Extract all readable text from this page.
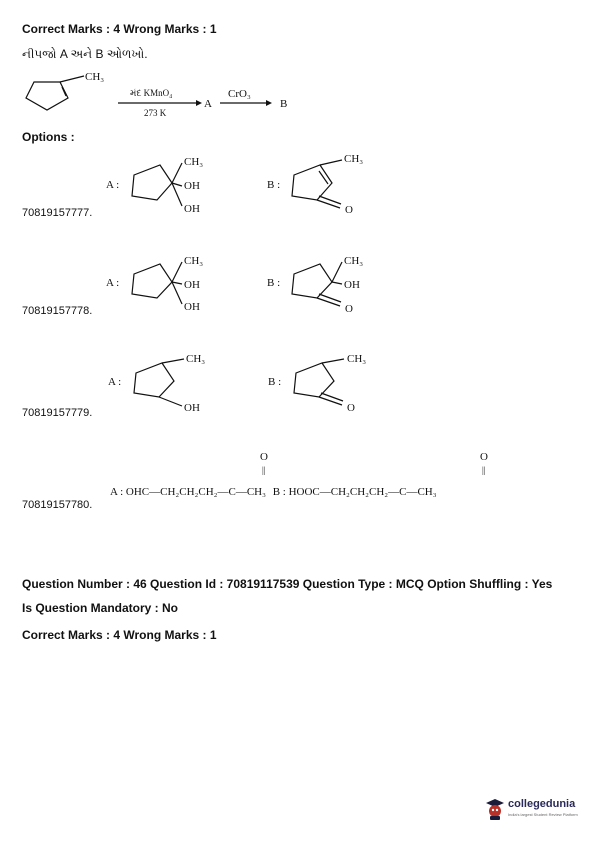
Correct Marks : 4 Wrong Marks : 1
નીપજો A અને B ઓળખો.
CH₃
મંદ KMnO₄
273 K
A
CrO₃
B
Options :
70819157777.
A :
CH₃
OH
OH
B :
CH₃
O
70819157778.
A :
CH₃
OH
OH
B :
CH₃
OH
O
70819157779.
A :
CH₃
OH
B :
CH₃
O
70819157780.
O
||
O
||
A : OHC—CH₂CH₂CH₂—C—CH₃ B : HOOC—CH₂CH₂CH₂—C—CH₃
Question Number : 46 Question Id : 70819117539 Question Type : MCQ Option Shuffling : Yes
Is Question Mandatory : No
Correct Marks : 4 Wrong Marks : 1
collegedunia
India's largest Student Review Platform
